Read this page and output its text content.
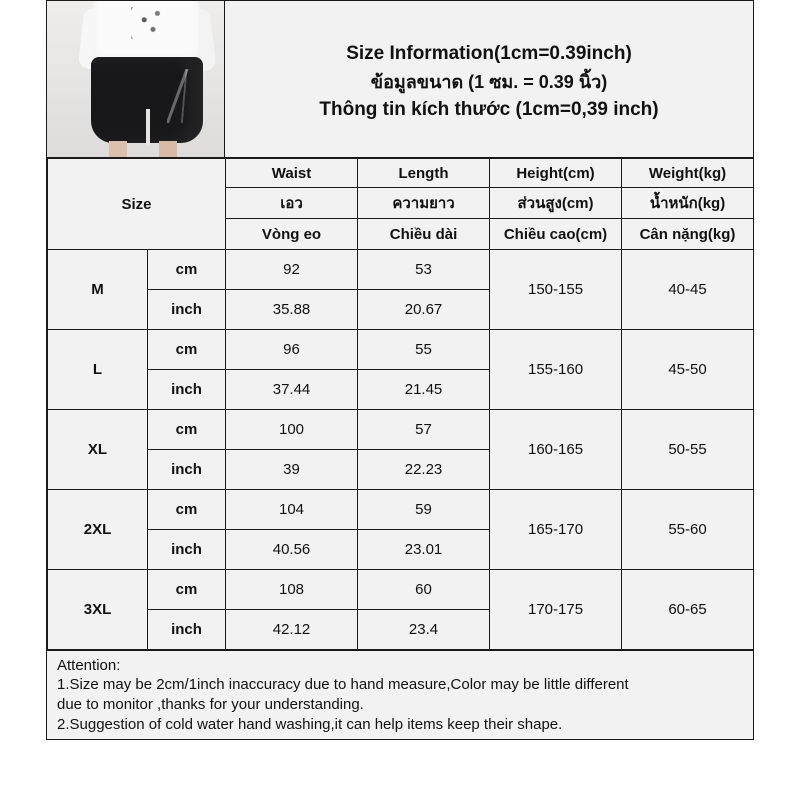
Size Information(1cm=0.39inch)
ข้อมูลขนาด (1 ซม. = 0.39 นิ้ว)
Thông tin kích thước (1cm=0,39 inch)
Size		Waist	Length	Height(cm)	Weight(kg)
		เอว	ความยาว	ส่วนสูง(cm)	น้ำหนัก(kg)
		Vòng eo	Chiều dài	Chiều cao(cm)	Cân nặng(kg)
M	cm	92	53	150-155	40-45
	inch	35.88	20.67		
L	cm	96	55	155-160	45-50
	inch	37.44	21.45		
XL	cm	100	57	160-165	50-55
	inch	39	22.23		
2XL	cm	104	59	165-170	55-60
	inch	40.56	23.01		
3XL	cm	108	60	170-175	60-65
	inch	42.12	23.4		
Attention:
1.Size may be 2cm/1inch inaccuracy due to hand measure,Color may be little different
due to monitor ,thanks for your understanding.
2.Suggestion of cold water hand washing,it can help items keep their shape.
